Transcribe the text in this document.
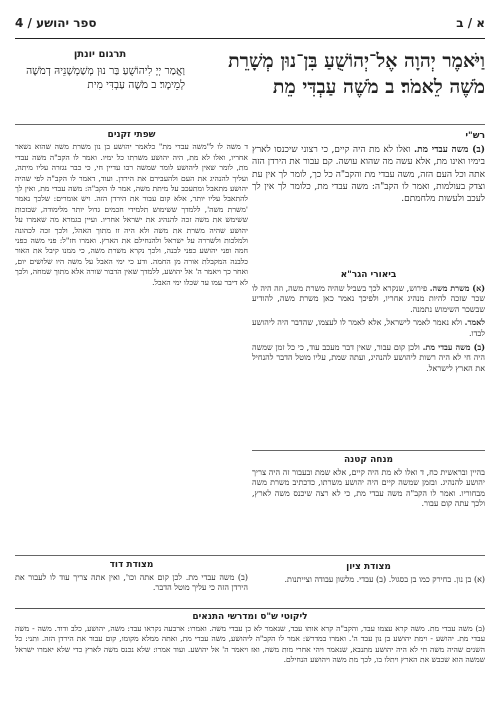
א / ב
4 / ספר יהושע
וַיֹּאמֶר יְהוָה אֶל־יְהוֹשֻׁעַ בִּן־נוּן מְשָׁרֵת מֹשֶׁה לֵאמֹר׃ ב מֹשֶׁה עַבְדִּי מֵת
תרגום יונתן
וַאֲמַר יְיָ לִיהוֹשֻׁעַ בַּר נוּן מְשַׁמְשָׁנֵיהּ דְמֹשֶׁה לְמֵימָר׃ ב מֹשֶׁה עַבְדִּי מִית
רש"י
(ב) משה עבדי מת. ואלו לא מת היה קיים, כי רצוני שיכנסו לארץ בימיו ואינו מת, אלא עשה מה שהוא עושה. קם עבור את הירדן הזה אתה וכל העם הזה, משה עבדי מת והקב"ה כל כך, לומר לך אין עת וצדק בעולמות, ואמר לו הקב"ה: משה עבדי מת, כלומר לך אין לך לעכב ולעשות מלחמתם.
שפתי זקנים
ד משה לו ל"משה עבדי מת" כלאמר יהושע בן נון משרת משה שהוא נשאר אחריו, ואלו לא מת, היה יהושע משרתו כל ימיו. ואמר לו הקב"ה משה עבדי מת, לומר שאין ליהושע לומר שמשה רבו עדיין חי, כי כבר נגזרה עליו מיתה, ועליך להנהיג את העם ולהעבירם את הירדן. ועוד, דאמר לו הקב"ה לפי שהיה יהושע מתאבל ומתעכב על מיתת משה, אמר לו הקב"ה: משה עבדי מת, ואין לך להתאבל עליו יותר, אלא קום עבור את הירדן הזה. ויש אומרים: שלכך נאמר 'משרת משה', ללמדך ששימוש תלמידי חכמים גדול יותר מלימודה, שבזכות ששימש את משה זכה להנהיג את ישראל אחריו. ועיין בגמרא מה שאמרו על יהושע שהיה משרת את משה ולא היה זז מתוך האהל, ולכך זכה לכהונה ולמלכות ולשררה על ישראל ולהנחילם את הארץ. ואמרו חז"ל: פני משה כפני חמה ופני יהושע כפני לבנה, ולכך נקרא משרת משה, כי ממנו קיבל את האור כלבנה המקבלת אורה מן החמה. ודע כי ימי האבל על משה היו שלושים יום, ואחר כך ויאמר ה' אל יהושע, ללמדך שאין הדבור שורה אלא מתוך שמחה, ולכך לא דיבר עמו עד שכלו ימי האבל.
ביאורי הגר"א

(א) משרת משה. פירוש, שנקרא לכך בשביל שהיה משרת משה, וזה היה לו שכר שזכה להיות מנהיג אחריו, ולפיכך נאמר כאן משרת משה, להודיע שבשכר השימוש נתמנה.

לאמר. ולא נאמר לאמר לישראל, אלא לאמר לו לעצמו, שהדבר היה ליהושע לבדו.

(ב) משה עבדי מת. ולכן קום עבור, שאין דבר מעכב עוד, כי כל זמן שמשה היה חי לא היה רשות ליהושע להנהיג, ועתה שמת, עליו מוטל הדבר להנחיל את הארץ לישראל.

מנחה קטנה
בהיין ובראשית כח, ד ואלו לא מת היה קיים, אלא שמת ובעבור זה היה צריך יהושע להנהיג. ובזמן שמשה קיים היה יהושע משרתו, כדכתיב משרת משה מבחוריו. ואמר לו הקב"ה משה עבדי מת, כי לא רצה שיכנס משה לארץ, ולכך עתה קום עבור.
מצודת ציון
(א) בן נון. בחירק כמו בן בסגול. (ב) עבדי. מלשון עבודה וצייתנות.
מצודת דוד
(ב) משה עבדי מת. לכן קום אתה וכו', ואין אתה צריך עוד לו לעבור את הירדן הזה כי עליך מוטל הדבר.
ליקוטי ש"ס ומדרשי התנאים
(ב) משה עבדי מת. משה קרא עצמו עבד, והקב"ה קרא אותו עבד, שנאמר לא כן עבדי משה. ואמרו: ארבעה נקראו עבד: משה, יהושע, כלב ודוד. משה - משה עבדי מת. יהושע - וימת יהושע בן נון עבד ה'. ואמרו במדרש: אמר לו הקב"ה ליהושע, משה עבדי מת, ואתה ממלא מקומו, קום עבור את הירדן הזה. ותני: כל השנים שהיה משה חי לא היה יהושע מתנבא, שנאמר ויהי אחרי מות משה, ואז ויאמר ה' אל יהושע. ועוד אמרו: שלא נכנס משה לארץ כדי שלא יאמרו ישראל שמשה הוא שכבש את הארץ ויתלו בו, לכך מת משה ויהושע הנחילם.
